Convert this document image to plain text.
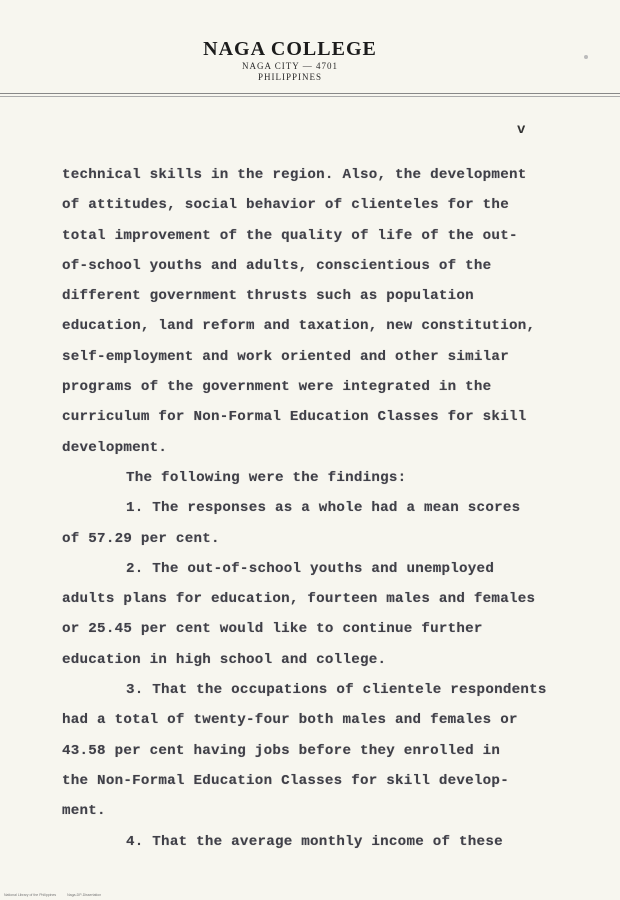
NAGA COLLEGE
NAGA CITY — 4701
PHILIPPINES
v
technical skills in the region. Also, the development
of attitudes, social behavior of clienteles for the
total improvement of the quality of life of the out-
of-school youths and adults, conscientious of the
different government thrusts such as population
education, land reform and taxation, new constitution,
self-employment and work oriented and other similar
programs of the government were integrated in the
curriculum for Non-Formal Education Classes for skill
development.
The following were the findings:
1. The responses as a whole had a mean scores
of 57.29 per cent.
2. The out-of-school youths and unemployed
adults plans for education, fourteen males and females
or 25.45 per cent would like to continue further
education in high school and college.
3. That the occupations of clientele respondents
had a total of twenty-four both males and females or
43.58 per cent having jobs before they enrolled in
the Non-Formal Education Classes for skill develop-
ment.
4. That the average monthly income of these
National Library of the Philippines	Naga-DP-Dissertation
